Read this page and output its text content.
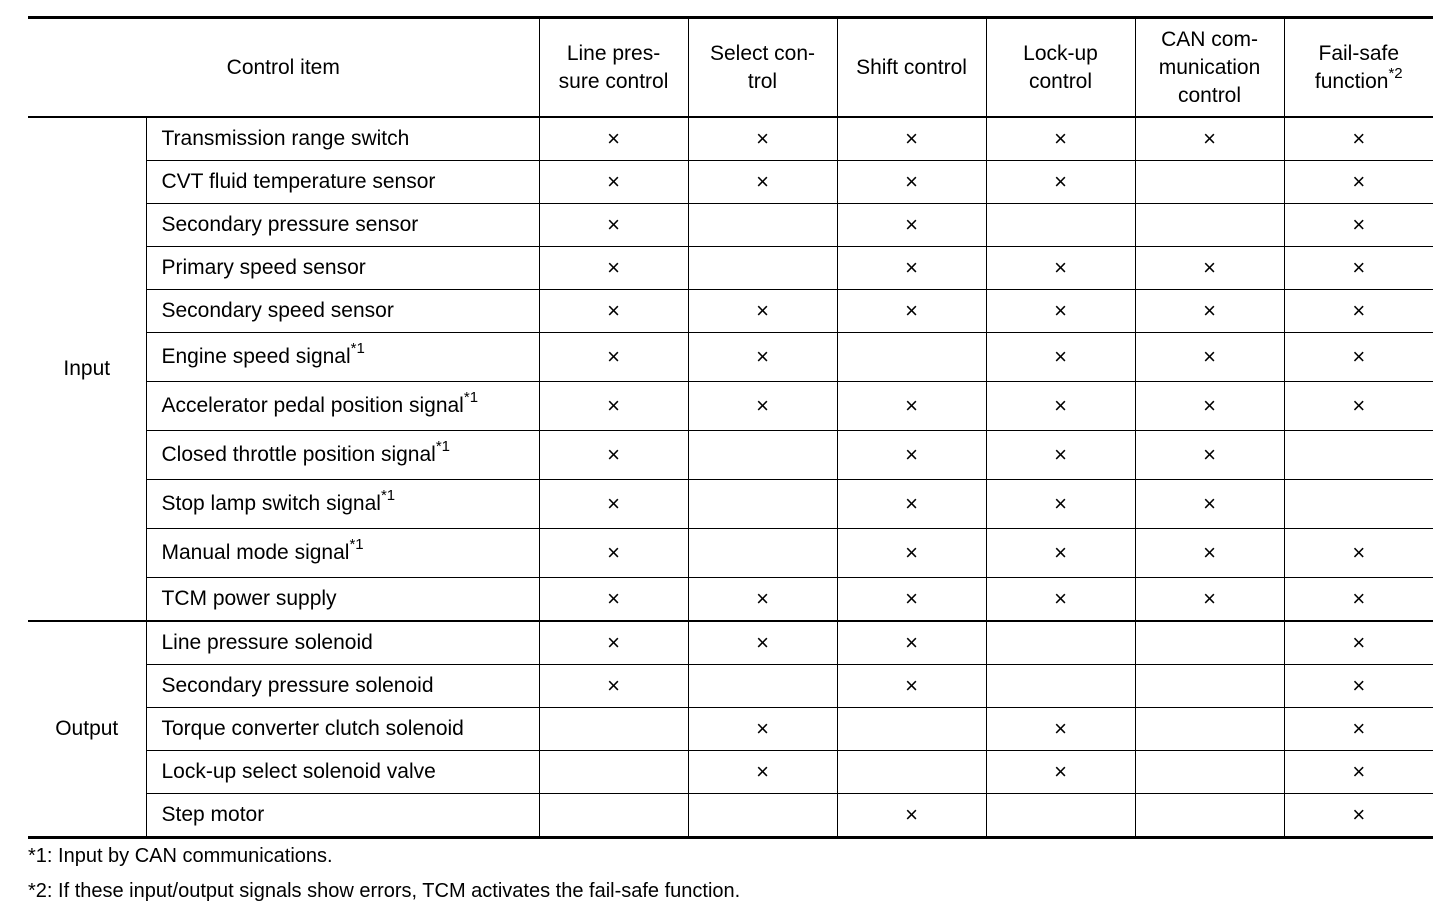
Control item		Line pres-
sure control	Select con-
trol	Shift control	Lock-up
control	CAN com-
munication
control	Fail-safe
function$^{*2}$
Input	Transmission range switch	×	×	×	×	×	×
	CVT fluid temperature sensor	×	×	×	×		×
	Secondary pressure sensor	×		×			×
	Primary speed sensor	×		×	×	×	×
	Secondary speed sensor	×	×	×	×	×	×
	Engine speed signal$^{*1}$	×	×		×	×	×
	Accelerator pedal position signal$^{*1}$	×	×	×	×	×	×
	Closed throttle position signal$^{*1}$	×		×	×	×	
	Stop lamp switch signal$^{*1}$	×		×	×	×	
	Manual mode signal$^{*1}$	×		×	×	×	×
	TCM power supply	×	×	×	×	×	×
Output	Line pressure solenoid	×	×	×			×
	Secondary pressure solenoid	×		×			×
	Torque converter clutch solenoid		×		×		×
	Lock-up select solenoid valve		×		×		×
	Step motor			×			×
*1: Input by CAN communications.
*2: If these input/output signals show errors, TCM activates the fail-safe function.
